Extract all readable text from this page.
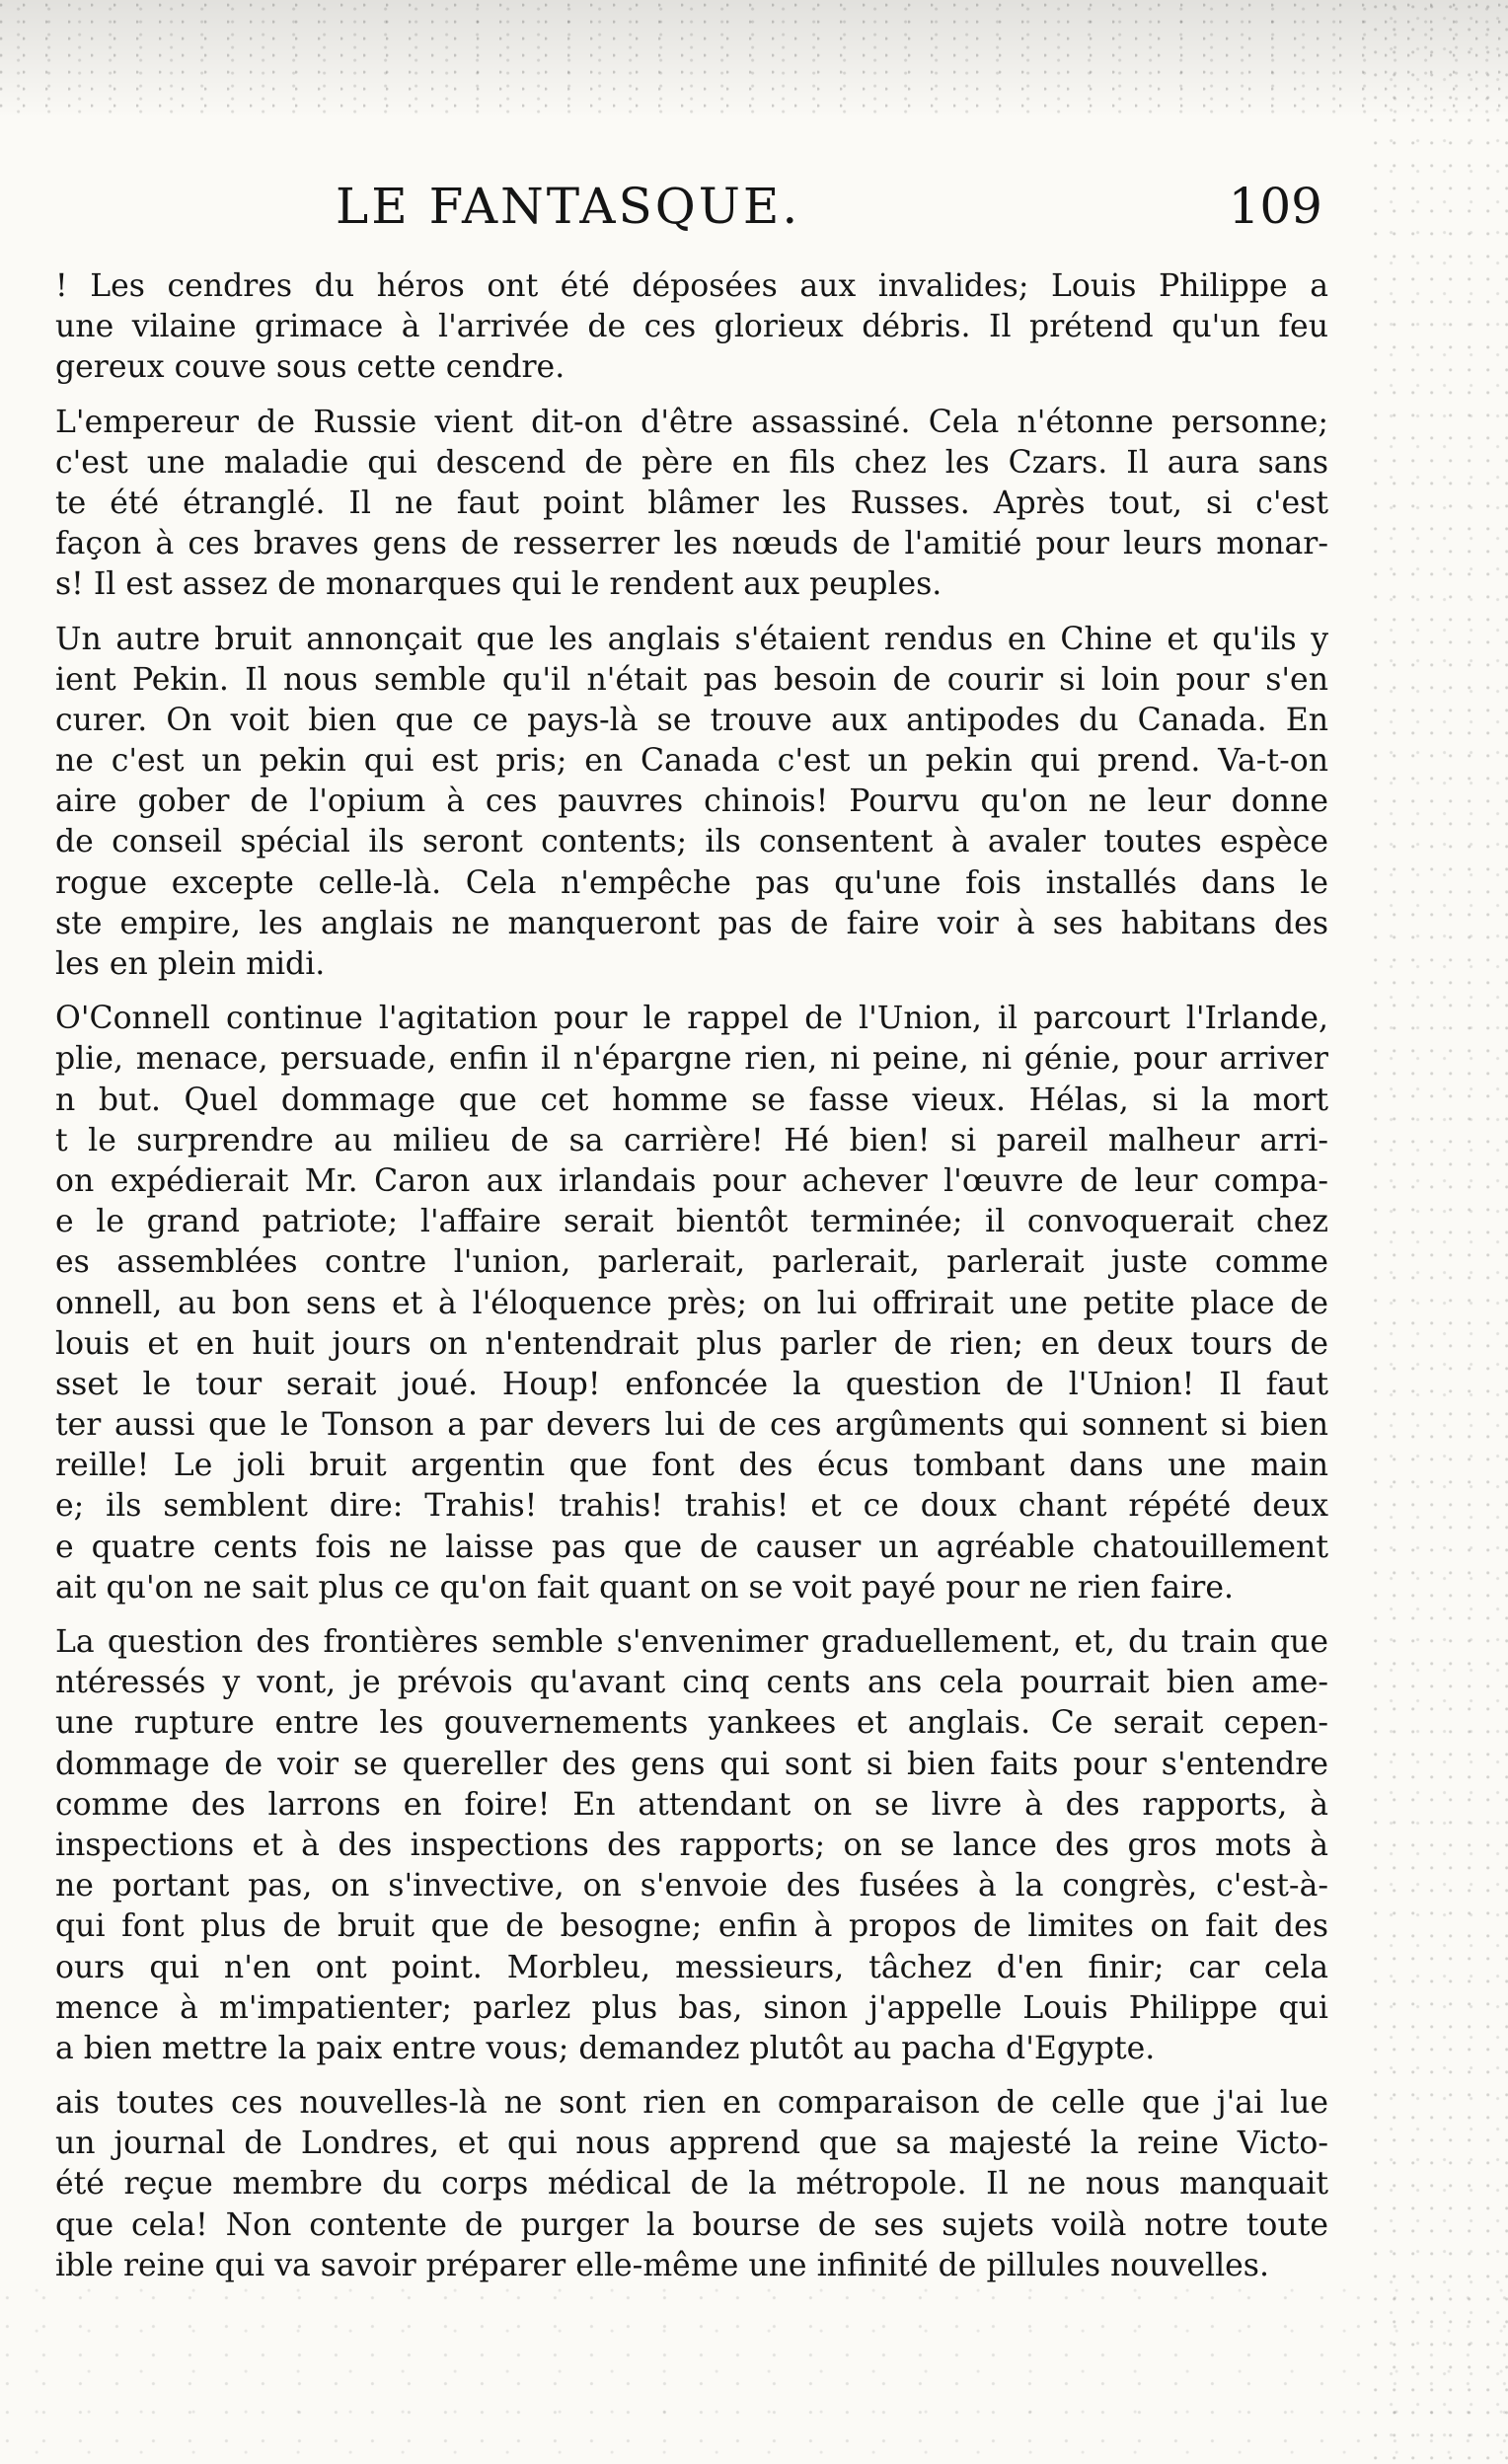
LE FANTASQUE.	109
! Les cendres du héros ont été déposées aux invalides; Louis Philippe a
une vilaine grimace à l'arrivée de ces glorieux débris. Il prétend qu'un feu
gereux couve sous cette cendre.
L'empereur de Russie vient dit-on d'être assassiné. Cela n'étonne personne;
c'est une maladie qui descend de père en fils chez les Czars. Il aura sans
te été étranglé. Il ne faut point blâmer les Russes. Après tout, si c'est
façon à ces braves gens de resserrer les nœuds de l'amitié pour leurs monar-
s! Il est assez de monarques qui le rendent aux peuples.
Un autre bruit annonçait que les anglais s'étaient rendus en Chine et qu'ils y
ient Pekin. Il nous semble qu'il n'était pas besoin de courir si loin pour s'en
curer. On voit bien que ce pays-là se trouve aux antipodes du Canada. En
ne c'est un pekin qui est pris; en Canada c'est un pekin qui prend. Va-t-on
aire gober de l'opium à ces pauvres chinois! Pourvu qu'on ne leur donne
de conseil spécial ils seront contents; ils consentent à avaler toutes espèce
rogue excepte celle-là. Cela n'empêche pas qu'une fois installés dans le
ste empire, les anglais ne manqueront pas de faire voir à ses habitans des
les en plein midi.
O'Connell continue l'agitation pour le rappel de l'Union, il parcourt l'Irlande,
plie, menace, persuade, enfin il n'épargne rien, ni peine, ni génie, pour arriver
n but. Quel dommage que cet homme se fasse vieux. Hélas, si la mort
t le surprendre au milieu de sa carrière! Hé bien! si pareil malheur arri-
on expédierait Mr. Caron aux irlandais pour achever l'œuvre de leur compa-
e le grand patriote; l'affaire serait bientôt terminée; il convoquerait chez
es assemblées contre l'union, parlerait, parlerait, parlerait juste comme
onnell, au bon sens et à l'éloquence près; on lui offrirait une petite place de
louis et en huit jours on n'entendrait plus parler de rien; en deux tours de
sset le tour serait joué. Houp! enfoncée la question de l'Union! Il faut
ter aussi que le Tonson a par devers lui de ces argûments qui sonnent si bien
reille! Le joli bruit argentin que font des écus tombant dans une main
e; ils semblent dire: Trahis! trahis! trahis! et ce doux chant répété deux
e quatre cents fois ne laisse pas que de causer un agréable chatouillement
ait qu'on ne sait plus ce qu'on fait quant on se voit payé pour ne rien faire.
La question des frontières semble s'envenimer graduellement, et, du train que
ntéressés y vont, je prévois qu'avant cinq cents ans cela pourrait bien ame-
une rupture entre les gouvernements yankees et anglais. Ce serait cepen-
dommage de voir se quereller des gens qui sont si bien faits pour s'entendre
comme des larrons en foire! En attendant on se livre à des rapports, à
inspections et à des inspections des rapports; on se lance des gros mots à
ne portant pas, on s'invective, on s'envoie des fusées à la congrès, c'est-à-
qui font plus de bruit que de besogne; enfin à propos de limites on fait des
ours qui n'en ont point. Morbleu, messieurs, tâchez d'en finir; car cela
mence à m'impatienter; parlez plus bas, sinon j'appelle Louis Philippe qui
a bien mettre la paix entre vous; demandez plutôt au pacha d'Egypte.
ais toutes ces nouvelles-là ne sont rien en comparaison de celle que j'ai lue
un journal de Londres, et qui nous apprend que sa majesté la reine Victo-
été reçue membre du corps médical de la métropole. Il ne nous manquait
que cela! Non contente de purger la bourse de ses sujets voilà notre toute
ible reine qui va savoir préparer elle-même une infinité de pillules nouvelles.
